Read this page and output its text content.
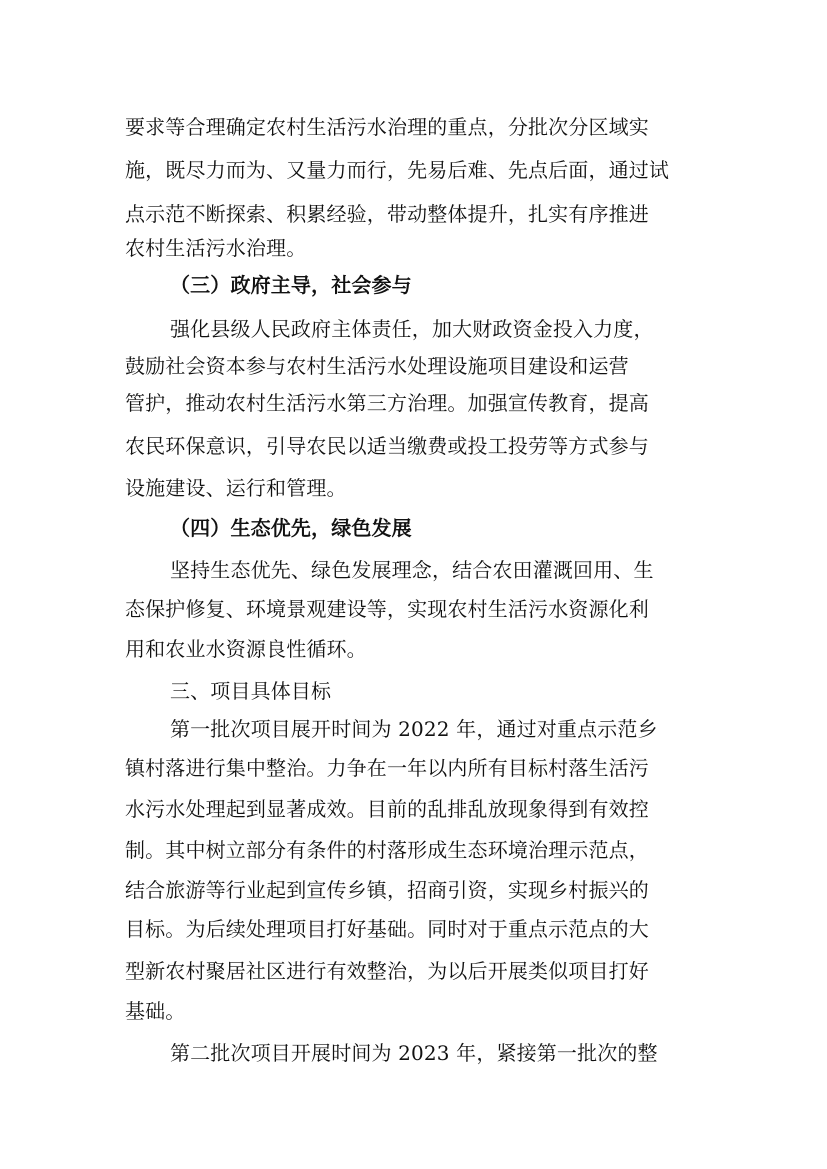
要求等合理确定农村生活污水治理的重点，分批次分区域实
施，既尽力而为、又量力而行，先易后难、先点后面，通过试
点示范不断探索、积累经验，带动整体提升，扎实有序推进
农村生活污水治理。
（三）政府主导，社会参与
强化县级人民政府主体责任，加大财政资金投入力度，
鼓励社会资本参与农村生活污水处理设施项目建设和运营
管护，推动农村生活污水第三方治理。加强宣传教育，提高
农民环保意识，引导农民以适当缴费或投工投劳等方式参与
设施建设、运行和管理。
（四）生态优先，绿色发展
坚持生态优先、绿色发展理念，结合农田灌溉回用、生
态保护修复、环境景观建设等，实现农村生活污水资源化利
用和农业水资源良性循环。
三、项目具体目标
第一批次项目展开时间为 2022 年，通过对重点示范乡
镇村落进行集中整治。力争在一年以内所有目标村落生活污
水污水处理起到显著成效。目前的乱排乱放现象得到有效控
制。其中树立部分有条件的村落形成生态环境治理示范点，
结合旅游等行业起到宣传乡镇，招商引资，实现乡村振兴的
目标。为后续处理项目打好基础。同时对于重点示范点的大
型新农村聚居社区进行有效整治，为以后开展类似项目打好
基础。
第二批次项目开展时间为 2023 年，紧接第一批次的整
